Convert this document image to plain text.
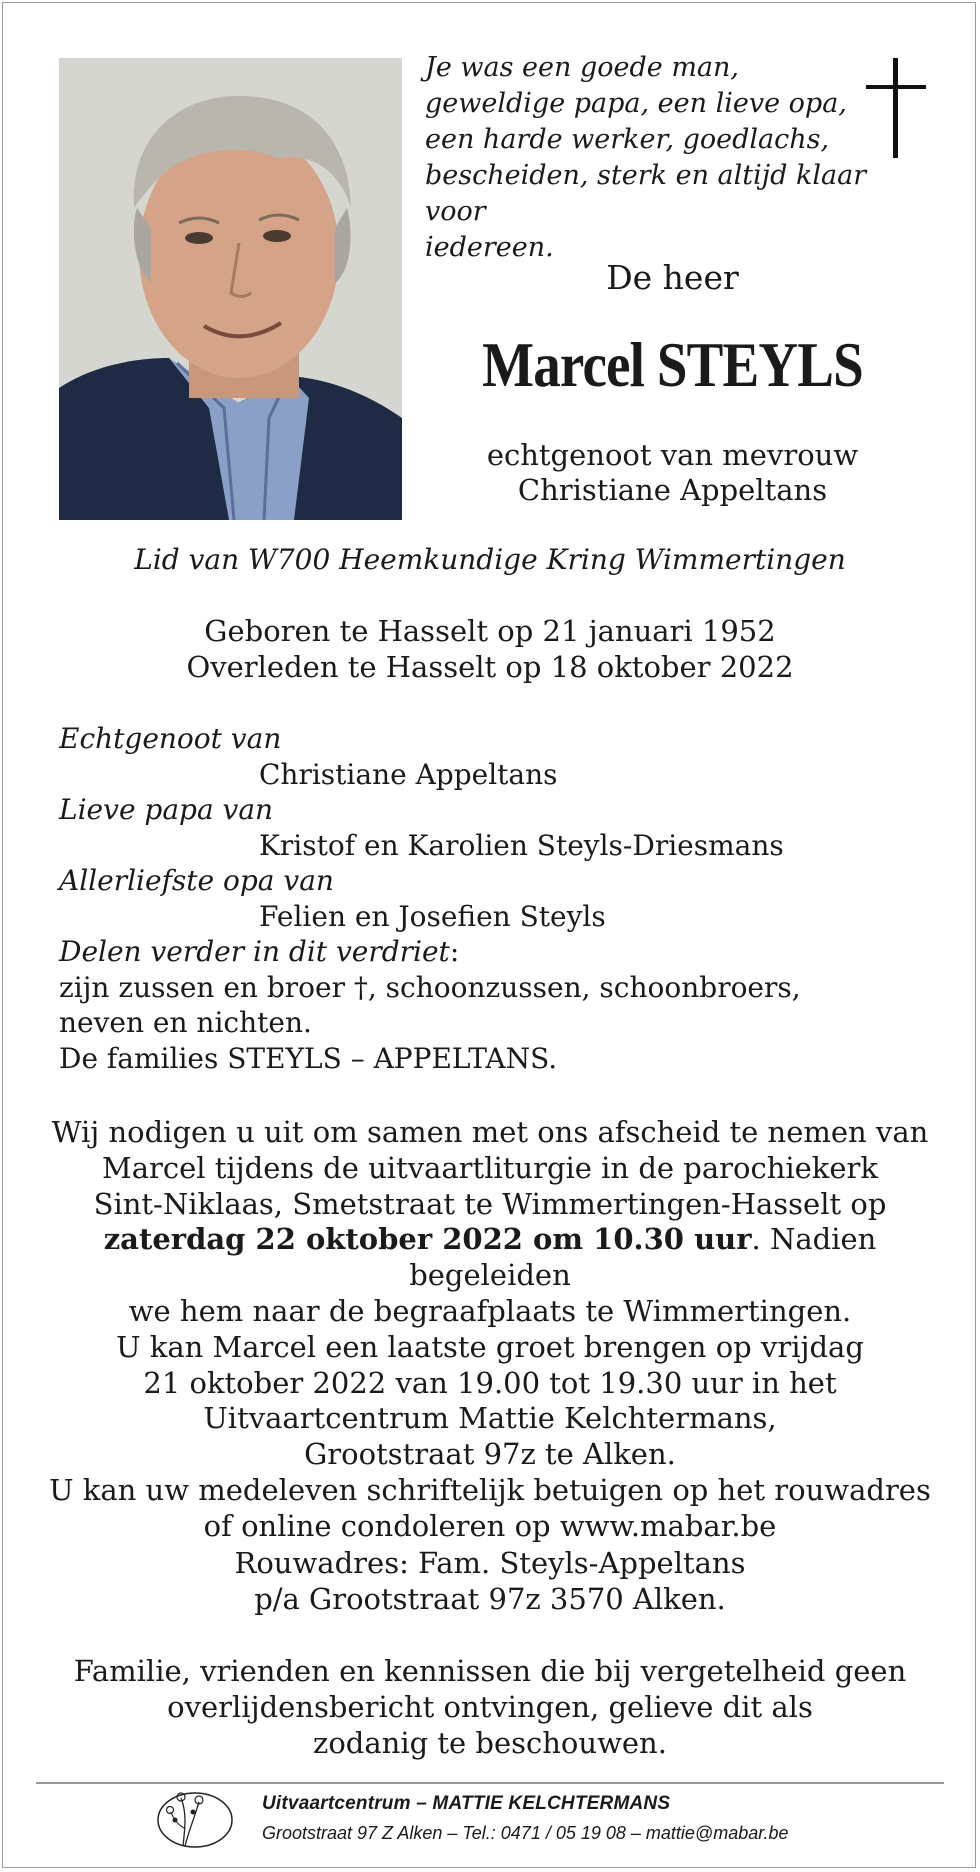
Je was een goede man,
geweldige papa, een lieve opa,
een harde werker, goedlachs,
bescheiden, sterk en altijd klaar voor
iedereen.
De heer
Marcel STEYLS
echtgenoot van mevrouw
Christiane Appeltans
Lid van W700 Heemkundige Kring Wimmertingen
Geboren te Hasselt op 21 januari 1952
Overleden te Hasselt op 18 oktober 2022
Echtgenoot van
Christiane Appeltans
Lieve papa van
Kristof en Karolien Steyls-Driesmans
Allerliefste opa van
Felien en Josefien Steyls
Delen verder in dit verdriet:
zijn zussen en broer †, schoonzussen, schoonbroers,
neven en nichten.
De families STEYLS – APPELTANS.
Wij nodigen u uit om samen met ons afscheid te nemen van
Marcel tijdens de uitvaartliturgie in de parochiekerk
Sint-Niklaas, Smetstraat te Wimmertingen-Hasselt op
zaterdag 22 oktober 2022 om 10.30 uur. Nadien begeleiden
we hem naar de begraafplaats te Wimmertingen.
U kan Marcel een laatste groet brengen op vrijdag
21 oktober 2022 van 19.00 tot 19.30 uur in het
Uitvaartcentrum Mattie Kelchtermans,
Grootstraat 97z te Alken.
U kan uw medeleven schriftelijk betuigen op het rouwadres
of online condoleren op www.mabar.be
Rouwadres: Fam. Steyls-Appeltans
p/a Grootstraat 97z 3570 Alken.
Familie, vrienden en kennissen die bij vergetelheid geen
overlijdensbericht ontvingen, gelieve dit als
zodanig te beschouwen.
Uitvaartcentrum – MATTIE KELCHTERMANS
Grootstraat 97 Z Alken – Tel.: 0471 / 05 19 08 – mattie@mabar.be
